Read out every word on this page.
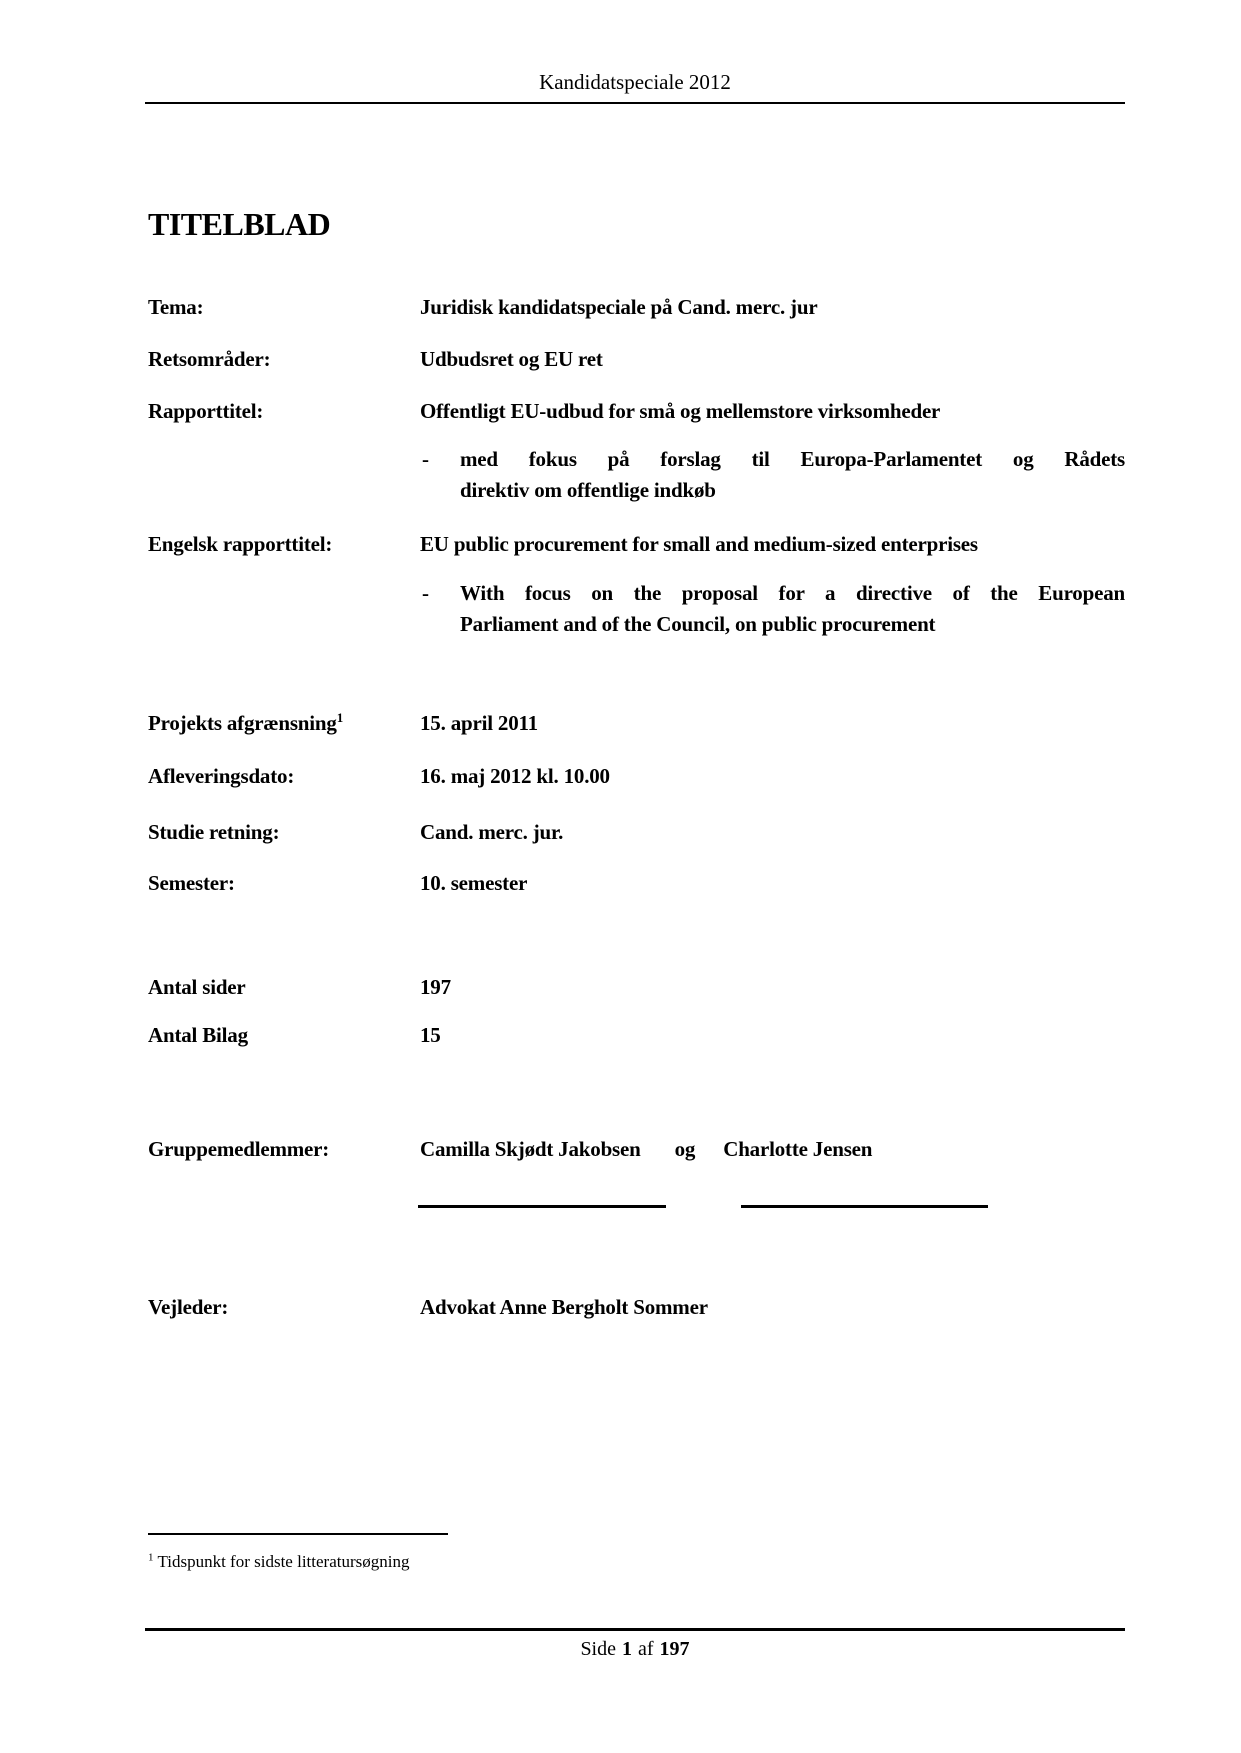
Kandidatspeciale 2012
TITELBLAD
Tema:	Juridisk kandidatspeciale på Cand. merc. jur
Retsområder:	Udbudsret og EU ret
Rapporttitel:	Offentligt EU-udbud for små og mellemstore virksomheder
- med fokus på forslag til Europa-Parlamentet og Rådets
direktiv om offentlige indkøb
Engelsk rapporttitel:	EU public procurement for small and medium-sized enterprises
- With focus on the proposal for a directive of the European
Parliament and of the Council, on public procurement
Projekts afgrænsning$^1$	15. april 2011
Afleveringsdato:	16. maj 2012 kl. 10.00
Studie retning:	Cand. merc. jur.
Semester:	10. semester
Antal sider	197
Antal Bilag	15
Gruppemedlemmer:	Camilla Skjødt Jakobsen og Charlotte Jensen
Vejleder:	Advokat Anne Bergholt Sommer
$^1$ Tidspunkt for sidste litteratursøgning
Side 1 af 197
